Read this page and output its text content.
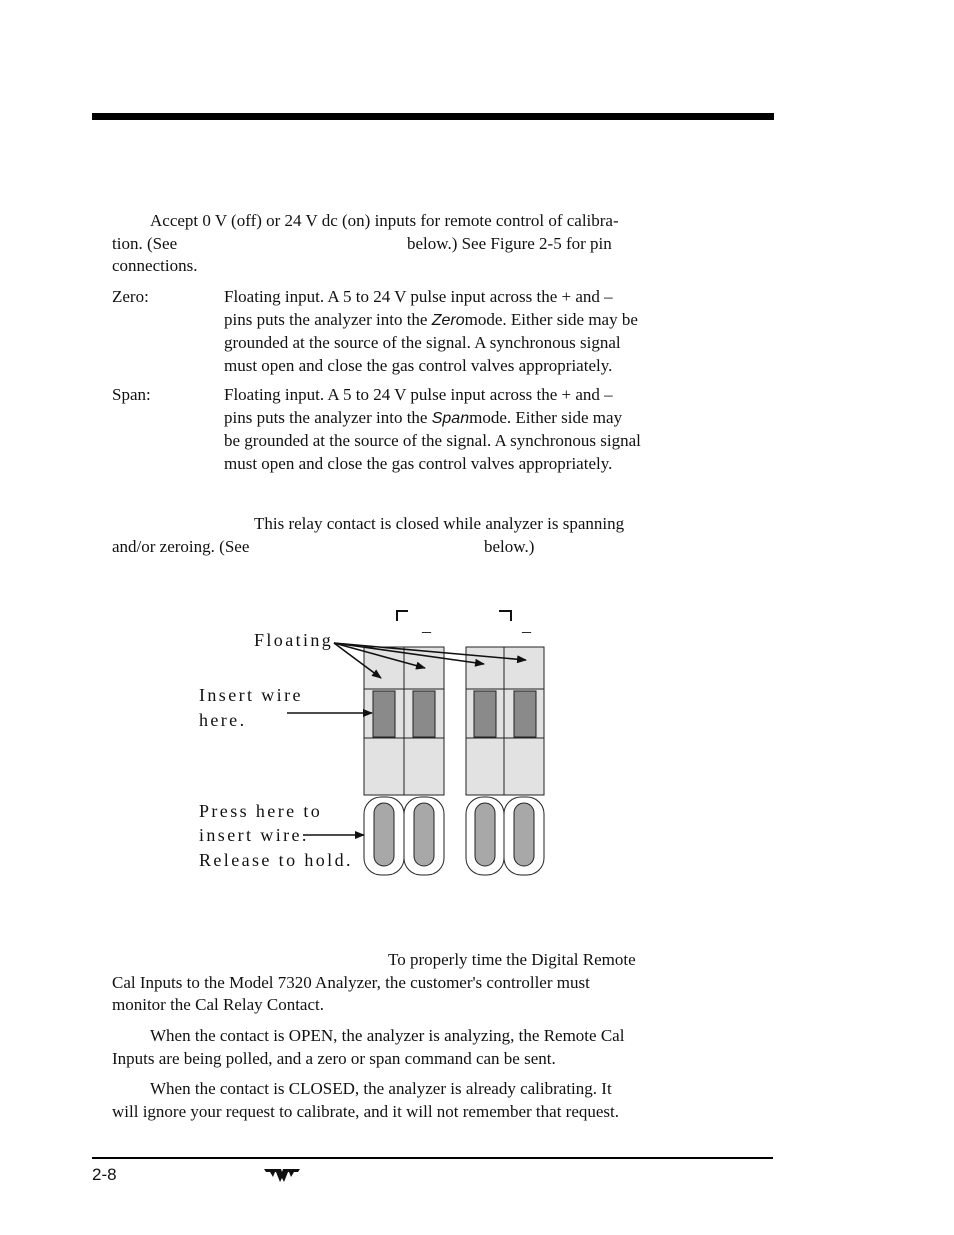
Accept 0 V (off) or 24 V dc (on) inputs for remote control of calibra-
tion. (See	below.) See Figure 2-5 for pin
connections.
Zero:	Floating input. A 5 to 24 V pulse input across the + and –
pins puts the analyzer into the Zeromode. Either side may be
grounded at the source of the signal. A synchronous signal
must open and close the gas control valves appropriately.
Span:	Floating input. A 5 to 24 V pulse input across the + and –
pins puts the analyzer into the Spanmode. Either side may
be grounded at the source of the signal. A synchronous signal
must open and close the gas control valves appropriately.
This relay contact is closed while analyzer is spanning
and/or zeroing. (See	below.)
–	–
Floating
Insert wire
here.
Press here to
insert wire.
Release to hold.
To properly time the Digital Remote
Cal Inputs to the Model 7320 Analyzer, the customer's controller must
monitor the Cal Relay Contact.
When the contact is OPEN, the analyzer is analyzing, the Remote Cal
Inputs are being polled, and a zero or span command can be sent.
When the contact is CLOSED, the analyzer is already calibrating. It
will ignore your request to calibrate, and it will not remember that request.
2-8
